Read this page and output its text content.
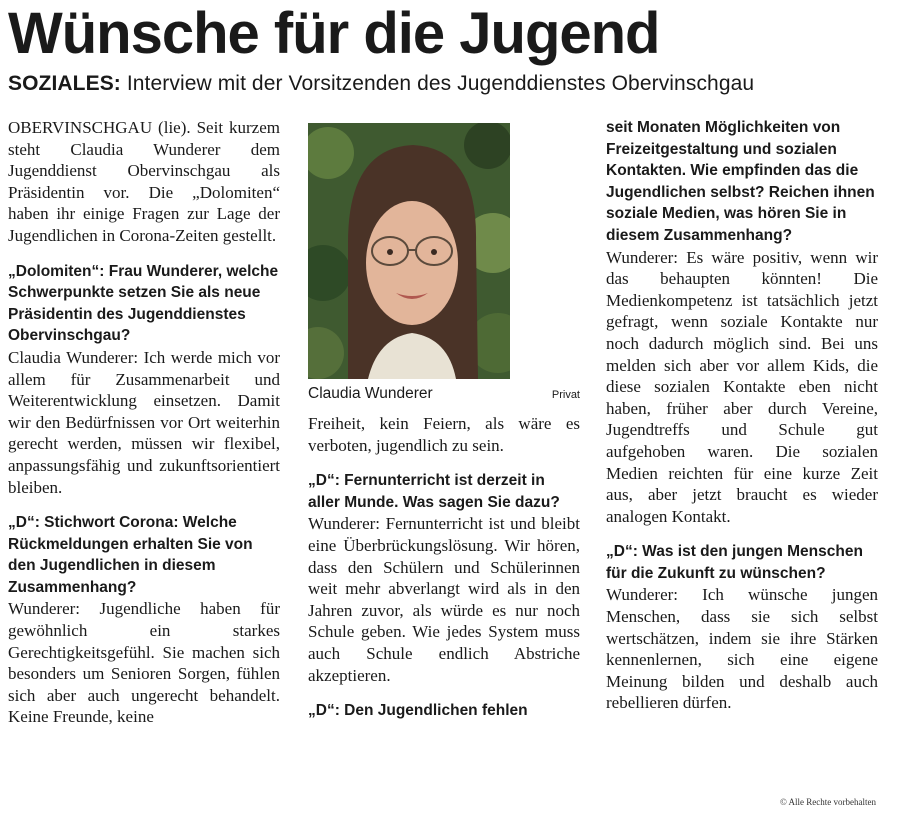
Wünsche für die Jugend

SOZIALES: Interview mit der Vorsitzenden des Jugenddienstes Obervinschgau

OBERVINSCHGAU (lie). Seit kurzem steht Claudia Wunderer dem Jugenddienst Obervinschgau als Präsidentin vor. Die „Dolomiten“ haben ihr einige Fragen zur Lage der Jugendlichen in Corona-Zeiten gestellt.

„Dolomiten“: Frau Wunderer, welche Schwerpunkte setzen Sie als neue Präsidentin des Jugenddienstes Obervinschgau?

Claudia Wunderer: Ich werde mich vor allem für Zusammenarbeit und Weiterentwicklung einsetzen. Damit wir den Bedürfnissen vor Ort weiterhin gerecht werden, müssen wir flexibel, anpassungsfähig und zukunftsorientiert bleiben.

„D“: Stichwort Corona: Welche Rückmeldungen erhalten Sie von den Jugendlichen in diesem Zusammenhang?

Wunderer: Jugendliche haben für gewöhnlich ein starkes Gerechtigkeitsgefühl. Sie machen sich besonders um Senioren Sorgen, fühlen sich aber auch ungerecht behandelt. Keine Freunde, keine

Claudia Wunderer	Privat

Freiheit, kein Feiern, als wäre es verboten, jugendlich zu sein.

„D“: Fernunterricht ist derzeit in aller Munde. Was sagen Sie dazu?

Wunderer: Fernunterricht ist und bleibt eine Überbrückungslösung. Wir hören, dass den Schülern und Schülerinnen weit mehr abverlangt wird als in den Jahren zuvor, als würde es nur noch Schule geben. Wie jedes System muss auch Schule endlich Abstriche akzeptieren.

„D“: Den Jugendlichen fehlen

seit Monaten Möglichkeiten von Freizeitgestaltung und sozialen Kontakten. Wie empfinden das die Jugendlichen selbst? Reichen ihnen soziale Medien, was hören Sie in diesem Zusammenhang?

Wunderer: Es wäre positiv, wenn wir das behaupten könnten! Die Medienkompetenz ist tatsächlich jetzt gefragt, wenn soziale Kontakte nur noch dadurch möglich sind. Bei uns melden sich aber vor allem Kids, die diese sozialen Kontakte eben nicht haben, früher aber durch Vereine, Jugendtreffs und Schule gut aufgehoben waren. Die sozialen Medien reichten für eine kurze Zeit aus, aber jetzt braucht es wieder analogen Kontakt.

„D“: Was ist den jungen Menschen für die Zukunft zu wünschen?

Wunderer: Ich wünsche jungen Menschen, dass sie sich selbst wertschätzen, indem sie ihre Stärken kennenlernen, sich eine eigene Meinung bilden und deshalb auch rebellieren dürfen.

© Alle Rechte vorbehalten
